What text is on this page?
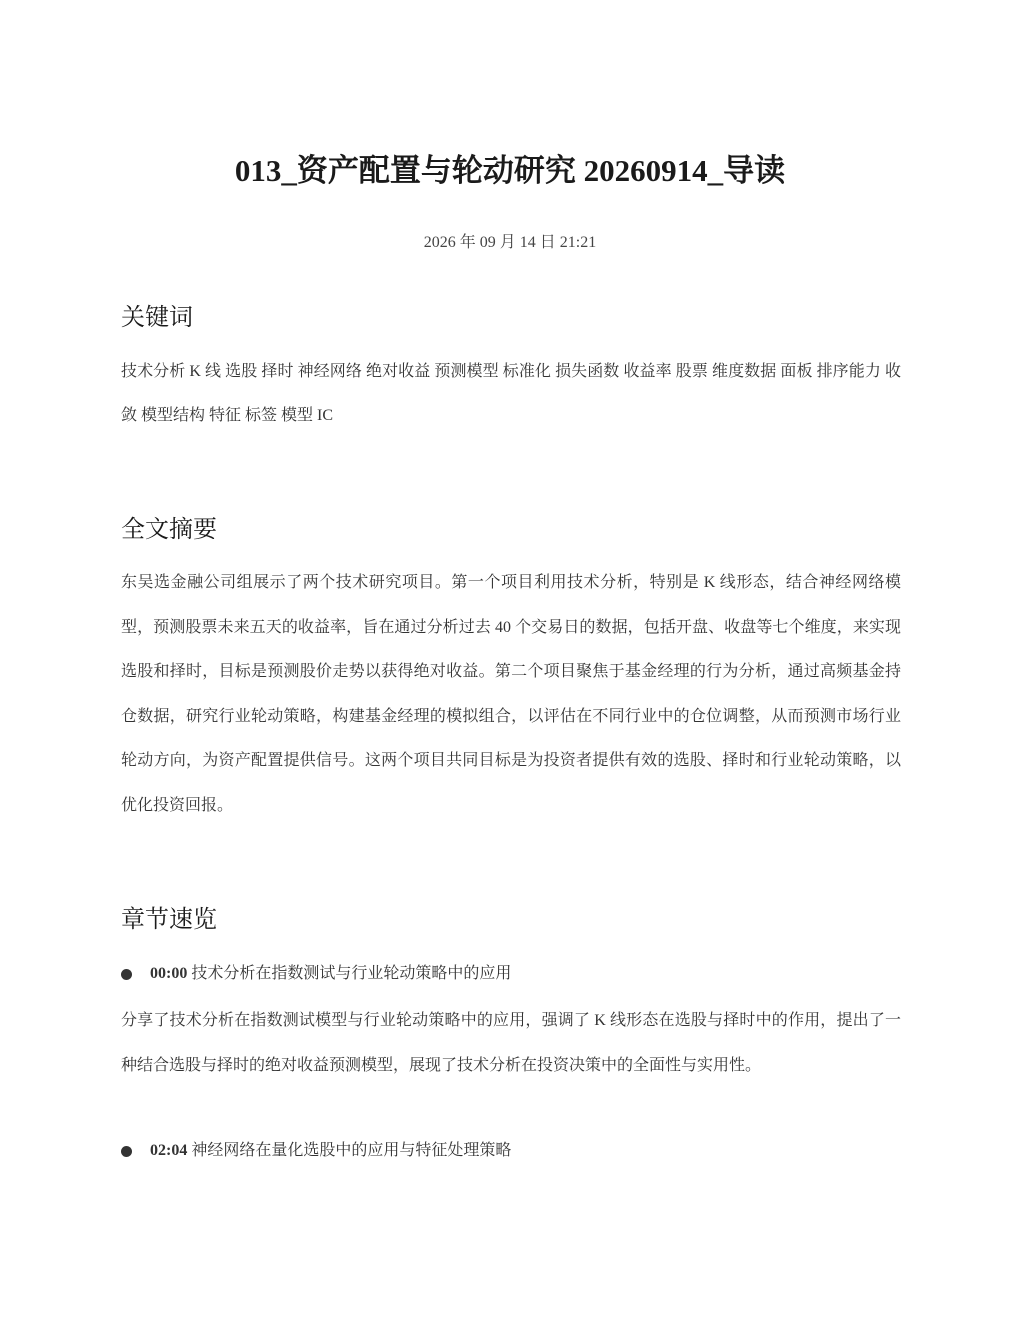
013_资产配置与轮动研究 20260914_导读
2026 年 09 月 14 日 21:21
关键词

技术分析 K 线 选股 择时 神经网络 绝对收益 预测模型 标准化 损失函数 收益率 股票 维度数据 面板 排序能力 收敛 模型结构 特征 标签 模型 IC

全文摘要

东吴选金融公司组展示了两个技术研究项目。第一个项目利用技术分析，特别是 K 线形态，结合神经网络模型，预测股票未来五天的收益率，旨在通过分析过去 40 个交易日的数据，包括开盘、收盘等七个维度，来实现选股和择时，目标是预测股价走势以获得绝对收益。第二个项目聚焦于基金经理的行为分析，通过高频基金持仓数据，研究行业轮动策略，构建基金经理的模拟组合，以评估在不同行业中的仓位调整，从而预测市场行业轮动方向，为资产配置提供信号。这两个项目共同目标是为投资者提供有效的选股、择时和行业轮动策略，以优化投资回报。

章节速览
00:00 技术分析在指数测试与行业轮动策略中的应用

分享了技术分析在指数测试模型与行业轮动策略中的应用，强调了 K 线形态在选股与择时中的作用，提出了一种结合选股与择时的绝对收益预测模型，展现了技术分析在投资决策中的全面性与实用性。

02:04 神经网络在量化选股中的应用与特征处理策略
